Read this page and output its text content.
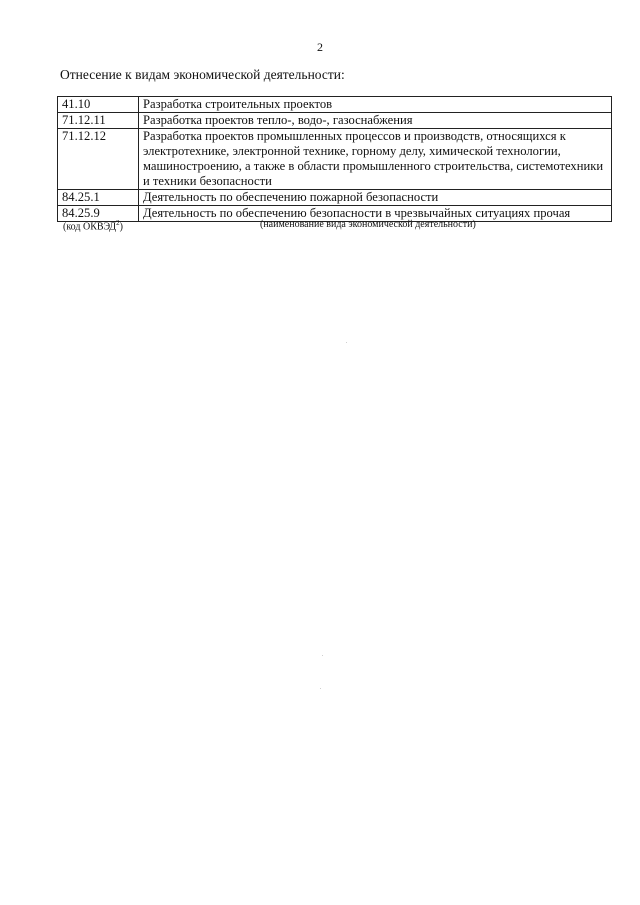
2
Отнесение к видам экономической деятельности:
41.10	Разработка строительных проектов
71.12.11	Разработка проектов тепло-, водо-, газоснабжения
71.12.12	Разработка проектов промышленных процессов и производств, относящихся к электротехнике, электронной технике, горному делу, химической технологии, машиностроению, а также в области промышленного строительства, системотехники и техники безопасности
84.25.1	Деятельность по обеспечению пожарной безопасности
84.25.9	Деятельность по обеспечению безопасности в чрезвычайных ситуациях прочая
(код ОКВЭД$^2$)	(наименование вида экономической деятельности)
